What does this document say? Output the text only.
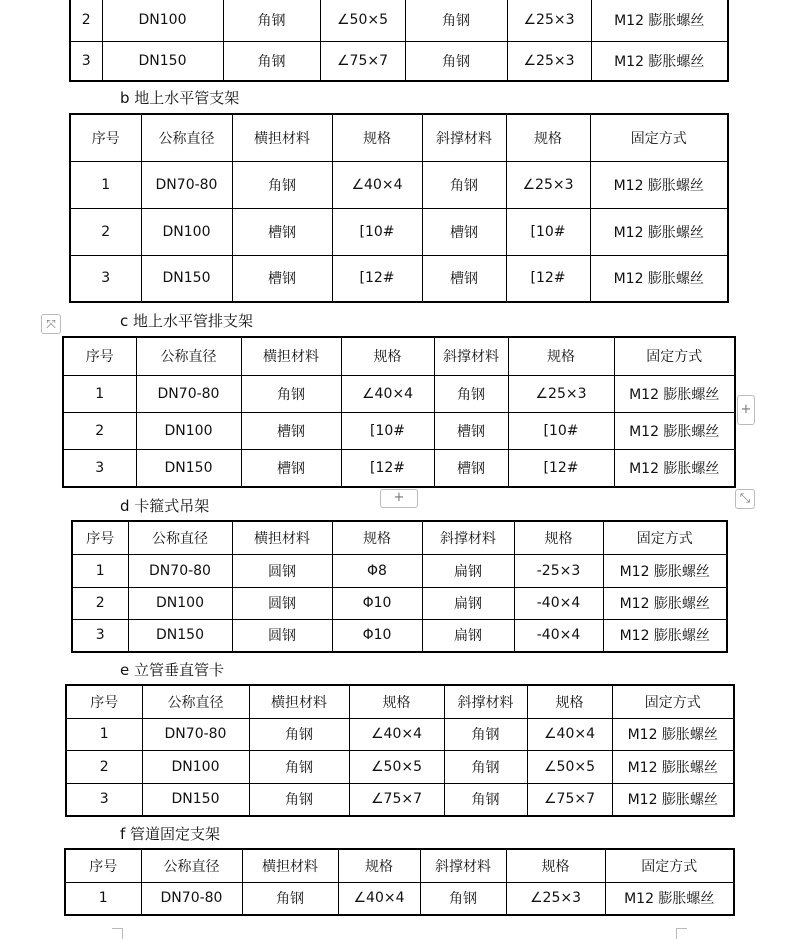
2	DN100	角钢	∠50×5	角钢	∠25×3	M12 膨胀螺丝
3	DN150	角钢	∠75×7	角钢	∠25×3	M12 膨胀螺丝
b 地上水平管支架
序号	公称直径	横担材料	规格	斜撑材料	规格	固定方式
1	DN70-80	角钢	∠40×4	角钢	∠25×3	M12 膨胀螺丝
2	DN100	槽钢	[10#	槽钢	[10#	M12 膨胀螺丝
3	DN150	槽钢	[12#	槽钢	[12#	M12 膨胀螺丝
c 地上水平管排支架
序号	公称直径	横担材料	规格	斜撑材料	规格	固定方式
1	DN70-80	角钢	∠40×4	角钢	∠25×3	M12 膨胀螺丝
2	DN100	槽钢	[10#	槽钢	[10#	M12 膨胀螺丝
3	DN150	槽钢	[12#	槽钢	[12#	M12 膨胀螺丝
d 卡箍式吊架
序号	公称直径	横担材料	规格	斜撑材料	规格	固定方式
1	DN70-80	圆钢	Φ8	扁钢	-25×3	M12 膨胀螺丝
2	DN100	圆钢	Φ10	扁钢	-40×4	M12 膨胀螺丝
3	DN150	圆钢	Φ10	扁钢	-40×4	M12 膨胀螺丝
e 立管垂直管卡
序号	公称直径	横担材料	规格	斜撑材料	规格	固定方式
1	DN70-80	角钢	∠40×4	角钢	∠40×4	M12 膨胀螺丝
2	DN100	角钢	∠50×5	角钢	∠50×5	M12 膨胀螺丝
3	DN150	角钢	∠75×7	角钢	∠75×7	M12 膨胀螺丝
f 管道固定支架
序号	公称直径	横担材料	规格	斜撑材料	规格	固定方式
1	DN70-80	角钢	∠40×4	角钢	∠25×3	M12 膨胀螺丝
⤧
+
+	⤡
